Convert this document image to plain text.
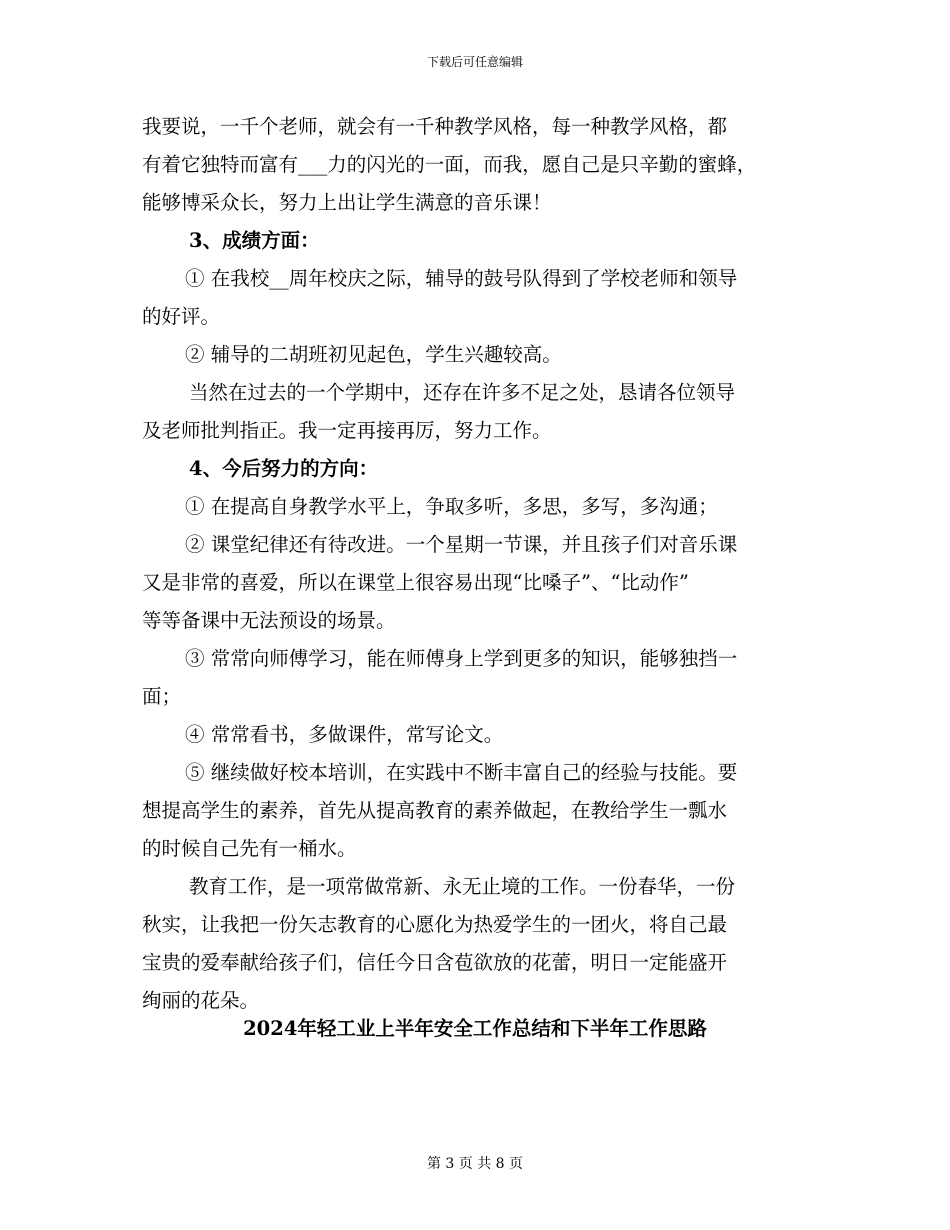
下载后可任意编辑
我要说，一千个老师，就会有一千种教学风格，每一种教学风格，都
有着它独特而富有___力的闪光的一面，而我，愿自己是只辛勤的蜜蜂，
能够博采众长，努力上出让学生满意的音乐课！
3、成绩方面：
① 在我校__周年校庆之际，辅导的鼓号队得到了学校老师和领导
的好评。
② 辅导的二胡班初见起色，学生兴趣较高。
当然在过去的一个学期中，还存在许多不足之处，恳请各位领导
及老师批判指正。我一定再接再厉，努力工作。
4、今后努力的方向：
① 在提高自身教学水平上，争取多听，多思，多写，多沟通；
② 课堂纪律还有待改进。一个星期一节课，并且孩子们对音乐课
又是非常的喜爱，所以在课堂上很容易出现“比嗓子”、“比动作”
等等备课中无法预设的场景。
③ 常常向师傅学习，能在师傅身上学到更多的知识，能够独挡一
面；
④ 常常看书，多做课件，常写论文。
⑤ 继续做好校本培训，在实践中不断丰富自己的经验与技能。要
想提高学生的素养，首先从提高教育的素养做起，在教给学生一瓢水
的时候自己先有一桶水。
教育工作，是一项常做常新、永无止境的工作。一份春华，一份
秋实，让我把一份矢志教育的心愿化为热爱学生的一团火，将自己最
宝贵的爱奉献给孩子们，信任今日含苞欲放的花蕾，明日一定能盛开
绚丽的花朵。
2024年轻工业上半年安全工作总结和下半年工作思路
第 3 页 共 8 页
